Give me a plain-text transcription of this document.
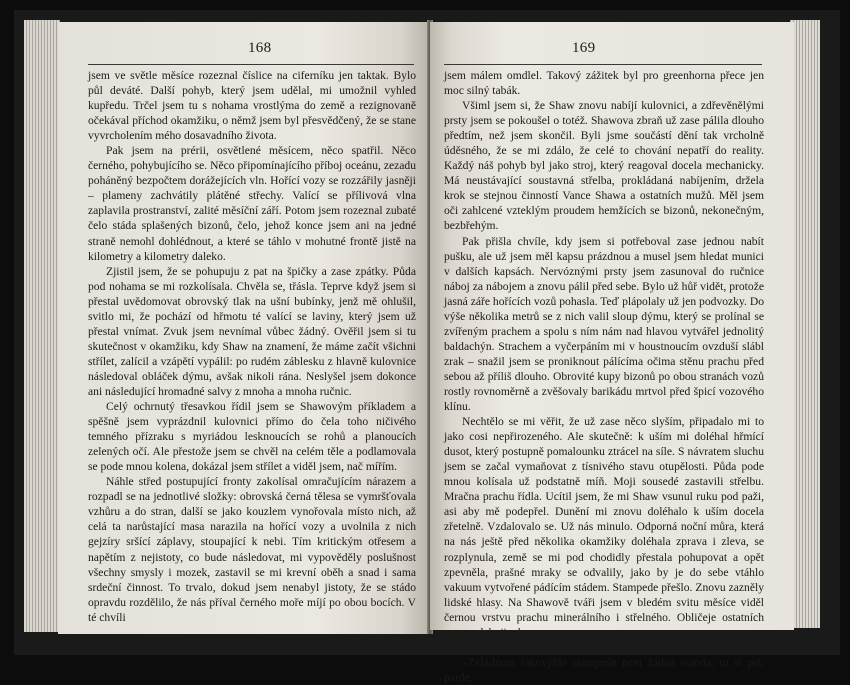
168

jsem ve světle měsíce rozeznal číslice na ciferníku jen taktak. Bylo půl deváté. Další pohyb, který jsem udělal, mi umožnil vyhled kupředu. Trčel jsem tu s nohama vrostlýma do země a rezignovaně očekával příchod okamžiku, o němž jsem byl přesvědčený, že se stane vyvrcholením mého dosavadního života.

Pak jsem na prérii, osvětlené měsícem, něco spatřil. Něco černého, pohybujícího se. Něco připomínajícího příboj oceánu, zezadu poháněný bezpočtem dorážejících vln. Hořící vozy se rozzářily jasněji – plameny zachvátily plátěné střechy. Valící se přílivová vlna zaplavila prostranství, zalité měsíční září. Potom jsem rozeznal zubaté čelo stáda splašených bizonů, čelo, jehož konce jsem ani na jedné straně nemohl dohlédnout, a které se táhlo v mohutné frontě jistě na kilometry a kilometry daleko.

Zjistil jsem, že se pohupuju z pat na špičky a zase zpátky. Půda pod nohama se mi rozkolísala. Chvěla se, třásla. Teprve když jsem si přestal uvědomovat obrovský tlak na ušní bubínky, jenž mě ohlušil, svitlo mi, že pochází od hřmotu té valící se laviny, který jsem už přestal vnímat. Zvuk jsem nevnímal vůbec žádný. Ověřil jsem si tu skutečnost v okamžiku, kdy Shaw na znamení, že máme začít všichni střílet, zalícil a vzápětí vypálil: po rudém záblesku z hlavně kulovnice následoval obláček dýmu, avšak nikoli rána. Neslyšel jsem dokonce ani následující hromadné salvy z mnoha a mnoha ručnic.

Celý ochrnutý třesavkou řídil jsem se Shawovým příkladem a spěšně jsem vyprázdnil kulovnici přímo do čela toho ničivého temného přízraku s myriádou lesknoucích se rohů a planoucích zelených očí. Ale přestože jsem se chvěl na celém těle a podlamovala se pode mnou kolena, dokázal jsem střílet a viděl jsem, nač mířím.

Náhle střed postupující fronty zakolísal omračujícím nárazem a rozpadl se na jednotlivé složky: obrovská černá tělesa se vymršťovala vzhůru a do stran, další se jako kouzlem vynořovala místo nich, až celá ta narůstající masa narazila na hořící vozy a uvolnila z nich gejzíry sršící záplavy, stoupající k nebi. Tím kritickým otřesem a napětím z nejistoty, co bude následovat, mi vypověděly poslušnost všechny smysly i mozek, zastavil se mi krevní oběh a snad i sama srdeční činnost. To trvalo, dokud jsem nenabyl jistoty, že se stádo opravdu rozdělilo, že nás příval černého moře míjí po obou bocích. V té chvíli

169

jsem málem omdlel. Takový zážitek byl pro greenhorna přece jen moc silný tabák.

Všiml jsem si, že Shaw znovu nabíjí kulovnici, a zdřevěnělými prsty jsem se pokoušel o totéž. Shawova zbraň už zase pálila dlouho předtím, než jsem skončil. Byli jsme součástí dění tak vrcholně úděsného, že se mi zdálo, že celé to chování nepatří do reality. Každý náš pohyb byl jako stroj, který reagoval docela mechanicky. Má neustávající soustavná střelba, prokládaná nabíjením, držela krok se stejnou činností Vance Shawa a ostatních mužů. Měl jsem oči zahlcené vzteklým proudem hemžících se bizonů, nekonečným, bezbřehým.

Pak přišla chvíle, kdy jsem si potřeboval zase jednou nabít pušku, ale už jsem měl kapsu prázdnou a musel jsem hledat munici v dalších kapsách. Nervóznými prsty jsem zasunoval do ručnice náboj za nábojem a znovu pálil před sebe. Bylo už hůř vidět, protože jasná záře hořících vozů pohasla. Teď plápolaly už jen podvozky. Do výše několika metrů se z nich valil sloup dýmu, který se prolínal se zvířeným prachem a spolu s ním nám nad hlavou vytvářel jednolitý baldachýn. Strachem a vyčerpáním mi v houstnoucím ovzduší slábl zrak – snažil jsem se proniknout pálícíma očima stěnu prachu před sebou až příliš dlouho. Obrovité kupy bizonů po obou stranách vozů rostly rovnoměrně a zvěšovaly barikádu mrtvol před špicí vozového klínu.

Nechtělo se mi věřit, že už zase něco slyším, připadalo mi to jako cosi nepřirozeného. Ale skutečně: k uším mi doléhal hřmící dusot, který postupně pomalounku ztrácel na síle. S návratem sluchu jsem se začal vymaňovat z tísnivého stavu otupělosti. Půda pode mnou kolísala už podstatně míň. Moji sousedé zastavili střelbu. Mračna prachu řídla. Ucítil jsem, že mi Shaw vsunul ruku pod paži, asi aby mě podepřel. Dunění mi znovu doléhalo k uším docela zřetelně. Vzdalovalo se. Už nás minulo. Odporná noční můra, která na nás ještě před několika okamžiky doléhala zprava i zleva, se rozplynula, země se mi pod chodidly přestala pohupovat a opět zpevněla, prašné mraky se odvalily, jako by je do sebe vtáhlo vakuum vytvořené pádícím stádem. Stampede přešlo. Znovu zazněly lidské hlasy. Na Shawově tváři jsem v bledém svitu měsíce viděl černou vrstvu prachu minerálního i střelného. Obličeje ostatních nevypadaly jinak.

Ocelový stisk Shawových prstů na mé ruce nepolevoval.

»Zvládnout takovýhle stampede není žádná sranda, to si piš, parde,
